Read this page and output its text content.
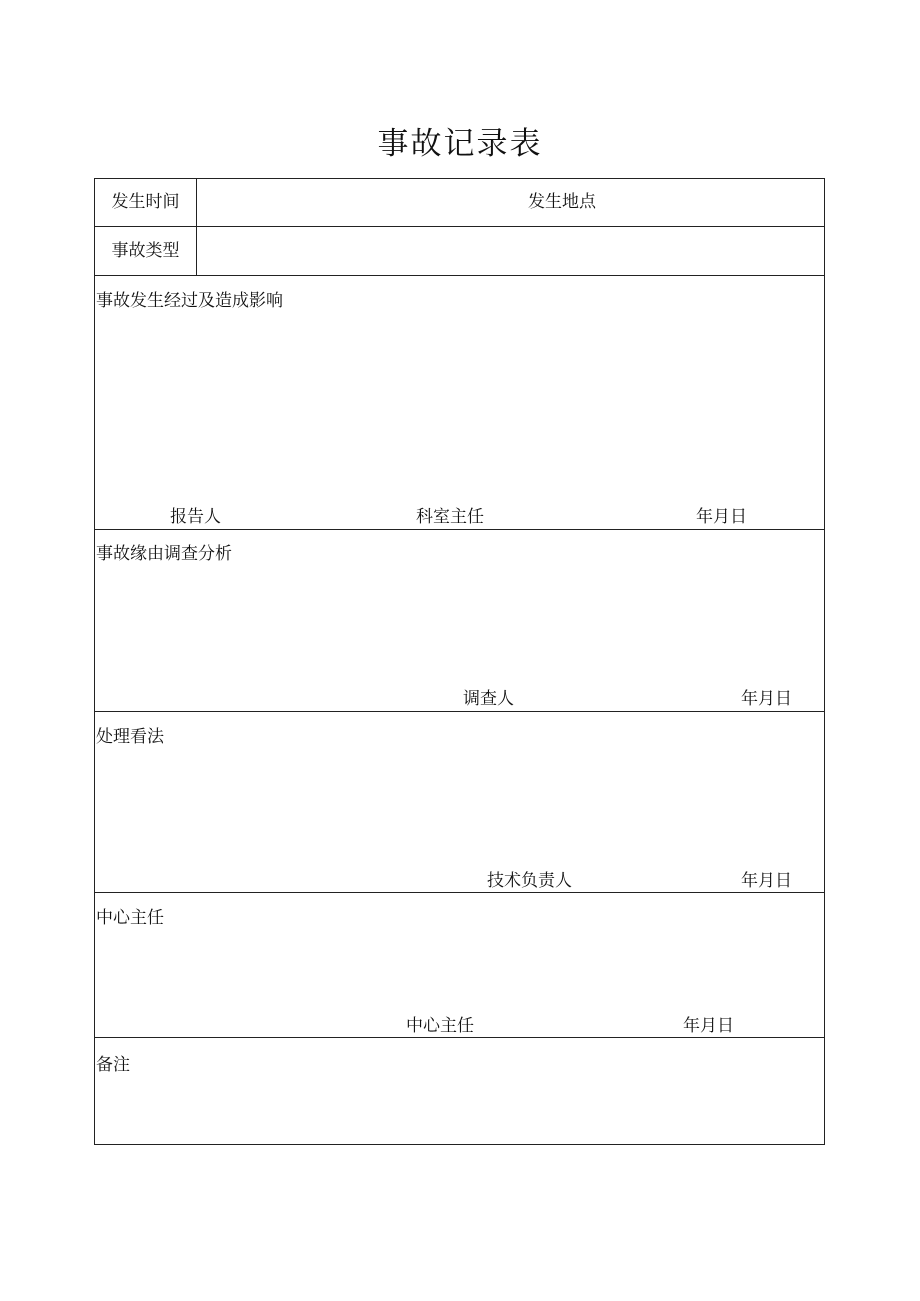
事故记录表
发生时间	发生地点
事故类型
事故发生经过及造成影响
报告人	科室主任	年月日
事故缘由调查分析
调查人	年月日
处理看法
技术负责人	年月日
中心主任
中心主任	年月日
备注
